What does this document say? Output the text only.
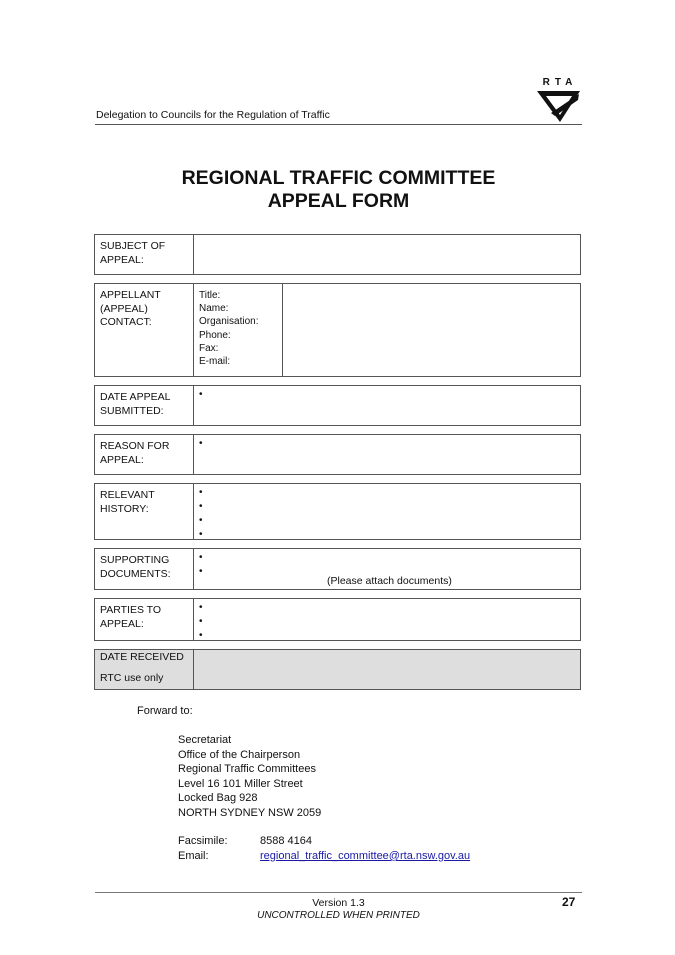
Delegation to Councils for the Regulation of Traffic
RTA
REGIONAL TRAFFIC COMMITTEE
APPEAL FORM
SUBJECT OF APPEAL:
APPELLANT (APPEAL) CONTACT:
Title:
Name:
Organisation:
Phone:
Fax:
E-mail:
DATE APPEAL SUBMITTED:
•
REASON FOR APPEAL:
•
RELEVANT HISTORY:
•
•
•
•
SUPPORTING DOCUMENTS:
•
•
(Please attach documents)
PARTIES TO APPEAL:
•
•
•
DATE RECEIVED
RTC use only
Forward to:
Secretariat
Office of the Chairperson
Regional Traffic Committees
Level 16 101 Miller Street
Locked Bag 928
NORTH SYDNEY NSW 2059
Facsimile:	8588 4164
Email:	regional_traffic_committee@rta.nsw.gov.au
Version 1.3
UNCONTROLLED WHEN PRINTED
27
